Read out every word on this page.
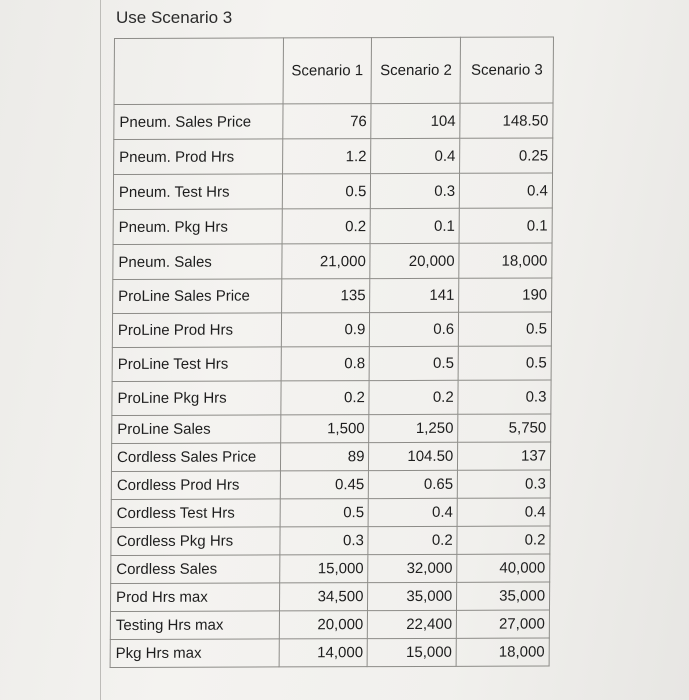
Use Scenario 3
	Scenario 1	Scenario 2	Scenario 3
Pneum. Sales Price	76	104	148.50
Pneum. Prod Hrs	1.2	0.4	0.25
Pneum. Test Hrs	0.5	0.3	0.4
Pneum. Pkg Hrs	0.2	0.1	0.1
Pneum. Sales	21,000	20,000	18,000
ProLine Sales Price	135	141	190
ProLine Prod Hrs	0.9	0.6	0.5
ProLine Test Hrs	0.8	0.5	0.5
ProLine Pkg Hrs	0.2	0.2	0.3
ProLine Sales	1,500	1,250	5,750
Cordless Sales Price	89	104.50	137
Cordless Prod Hrs	0.45	0.65	0.3
Cordless Test Hrs	0.5	0.4	0.4
Cordless Pkg Hrs	0.3	0.2	0.2
Cordless Sales	15,000	32,000	40,000
Prod Hrs max	34,500	35,000	35,000
Testing Hrs max	20,000	22,400	27,000
Pkg Hrs max	14,000	15,000	18,000
